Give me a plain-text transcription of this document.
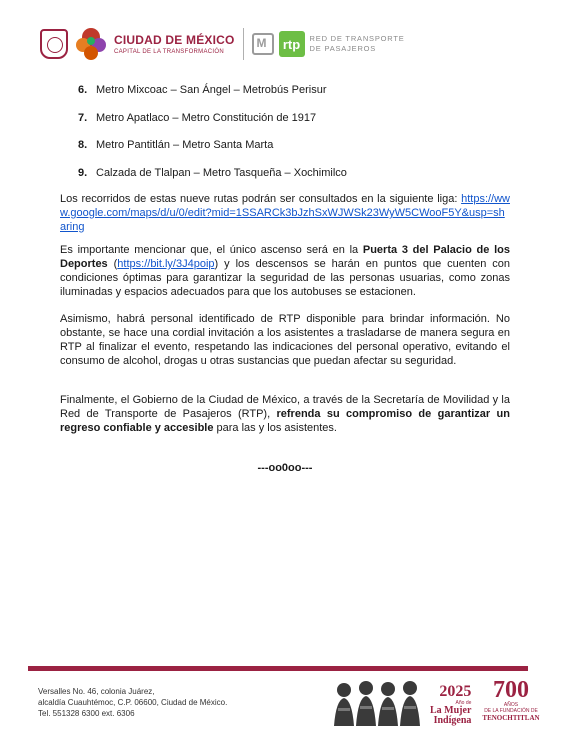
CIUDAD DE MÉXICO
CAPITAL DE LA TRANSFORMACIÓN
M
rtp	RED DE TRANSPORTE
DE PASAJEROS
6. Metro Mixcoac – San Ángel – Metrobús Perisur
7. Metro Apatlaco – Metro Constitución de 1917
8. Metro Pantitlán – Metro Santa Marta
9. Calzada de Tlalpan – Metro Tasqueña – Xochimilco

Los recorridos de estas nueve rutas podrán ser consultados en la siguiente liga: https://www.google.com/maps/d/u/0/edit?mid=1SSARCk3bJzhSxWJWSk23WyW5CWooF5Y&usp=sharing

Es importante mencionar que, el único ascenso será en la Puerta 3 del Palacio de los Deportes (https://bit.ly/3J4poip) y los descensos se harán en puntos que cuenten con condiciones óptimas para garantizar la seguridad de las personas usuarias, como zonas iluminadas y espacios adecuados para que los autobuses se estacionen.

Asimismo, habrá personal identificado de RTP disponible para brindar información. No obstante, se hace una cordial invitación a los asistentes a trasladarse de manera segura en RTP al finalizar el evento, respetando las indicaciones del personal operativo, evitando el consumo de alcohol, drogas u otras sustancias que puedan afectar su seguridad.

Finalmente, el Gobierno de la Ciudad de México, a través de la Secretaría de Movilidad y la Red de Transporte de Pasajeros (RTP), refrenda su compromiso de garantizar un regreso confiable y accesible para las y los asistentes.

---oo0oo---
Versalles No. 46, colonia Juárez,
alcaldía Cuauhtémoc, C.P. 06600, Ciudad de México.
Tel. 551328 6300 ext. 6306
2025
Año de
La Mujer
Indígena
700
AÑOS
DE LA FUNDACIÓN DE
TENOCHTITLAN
